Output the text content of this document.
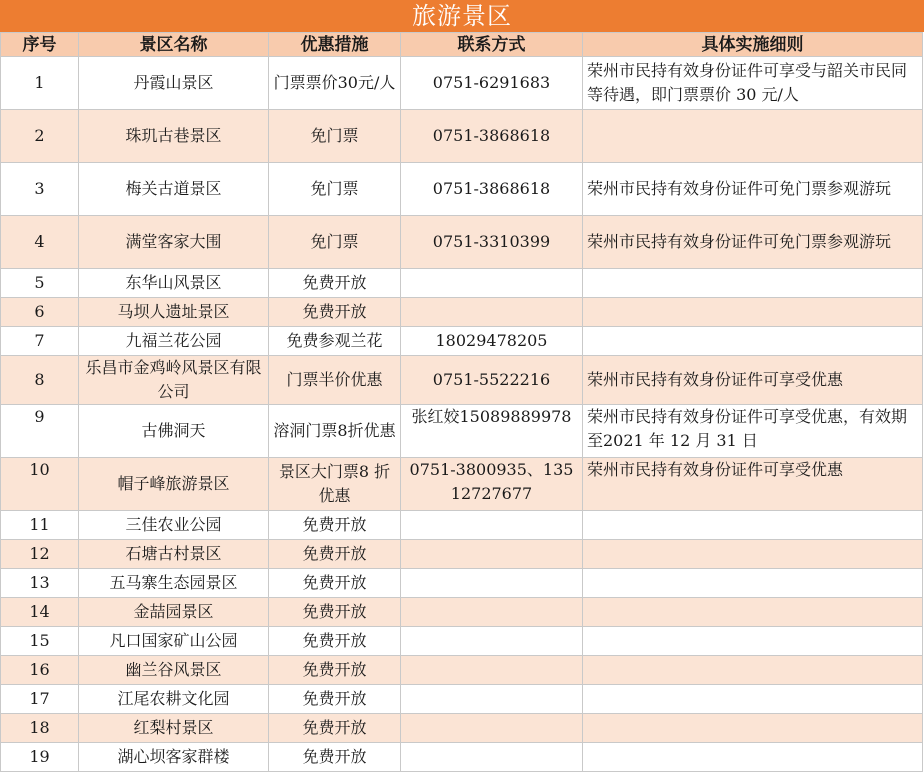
旅游景区
序号	景区名称	优惠措施	联系方式	具体实施细则
1	丹霞山景区	门票票价30元/人	0751-6291683	荣州市民持有效身份证件可享受与韶关市民同等待遇，即门票票价 30 元/人
2	珠玑古巷景区	免门票	0751-3868618	
3	梅关古道景区	免门票	0751-3868618	荣州市民持有效身份证件可免门票参观游玩
4	满堂客家大围	免门票	0751-3310399	荣州市民持有效身份证件可免门票参观游玩
5	东华山风景区	免费开放		
6	马坝人遗址景区	免费开放		
7	九福兰花公园	免费参观兰花	18029478205	
8	乐昌市金鸡岭风景区有限公司	门票半价优惠	0751-5522216	荣州市民持有效身份证件可享受优惠
9	古佛洞天	溶洞门票8折优惠	张红姣15089889978	荣州市民持有效身份证件可享受优惠，有效期至2021 年 12 月 31 日
10	帽子峰旅游景区	景区大门票8 折优惠	0751-3800935、13512727677	荣州市民持有效身份证件可享受优惠
11	三佳农业公园	免费开放		
12	石塘古村景区	免费开放		
13	五马寨生态园景区	免费开放		
14	金喆园景区	免费开放		
15	凡口国家矿山公园	免费开放		
16	幽兰谷风景区	免费开放		
17	江尾农耕文化园	免费开放		
18	红梨村景区	免费开放		
19	湖心坝客家群楼	免费开放		
